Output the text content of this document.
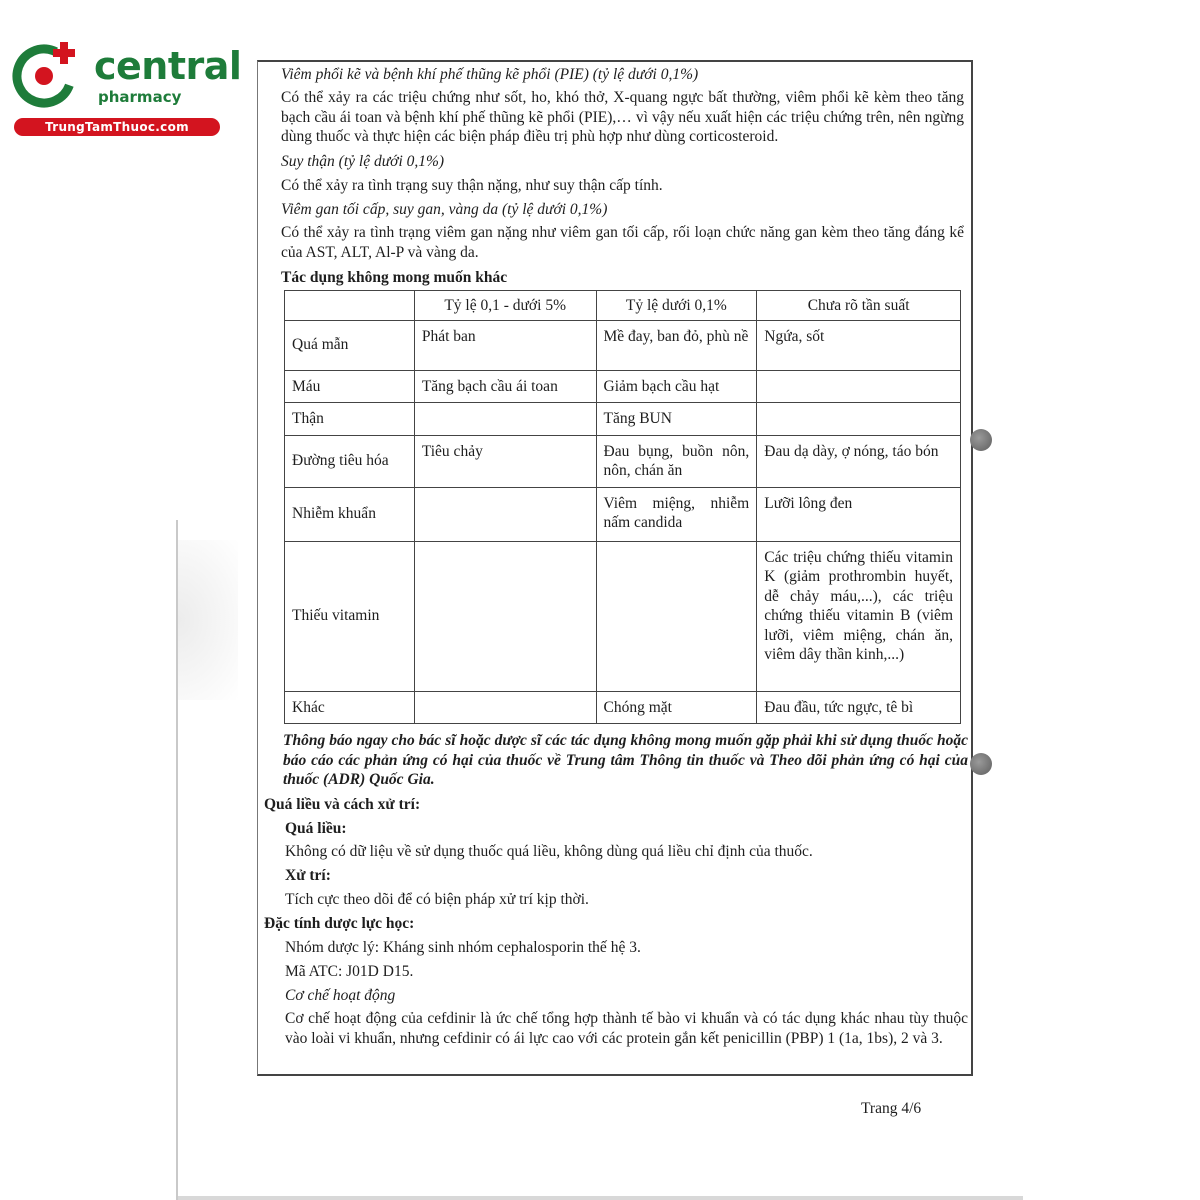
central
pharmacy
TrungTamThuoc.com
Viêm phổi kẽ và bệnh khí phế thũng kẽ phổi (PIE) (tỷ lệ dưới 0,1%)
Có thể xảy ra các triệu chứng như sốt, ho, khó thở, X-quang ngực bất thường, viêm phổi kẽ kèm theo tăng bạch cầu ái toan và bệnh khí phế thũng kẽ phổi (PIE),… vì vậy nếu xuất hiện các triệu chứng trên, nên ngừng dùng thuốc và thực hiện các biện pháp điều trị phù hợp như dùng corticosteroid.
Suy thận (tỷ lệ dưới 0,1%)
Có thể xảy ra tình trạng suy thận nặng, như suy thận cấp tính.
Viêm gan tối cấp, suy gan, vàng da (tỷ lệ dưới 0,1%)
Có thể xảy ra tình trạng viêm gan nặng như viêm gan tối cấp, rối loạn chức năng gan kèm theo tăng đáng kể của AST, ALT, Al-P và vàng da.
Tác dụng không mong muốn khác
	Tỷ lệ 0,1 - dưới 5%	Tỷ lệ dưới 0,1%	Chưa rõ tần suất
Quá mẫn	Phát ban	Mề đay, ban đỏ, phù nề	Ngứa, sốt
Máu	Tăng bạch cầu ái toan	Giảm bạch cầu hạt	
Thận		Tăng BUN	
Đường tiêu hóa	Tiêu chảy	Đau bụng, buồn nôn, nôn, chán ăn	Đau dạ dày, ợ nóng, táo bón
Nhiễm khuẩn		Viêm miệng, nhiễm nấm candida	Lưỡi lông đen
Thiếu vitamin			Các triệu chứng thiếu vitamin K (giảm prothrombin huyết, dễ chảy máu,...), các triệu chứng thiếu vitamin B (viêm lưỡi, viêm miệng, chán ăn, viêm dây thần kinh,...)
Khác		Chóng mặt	Đau đầu, tức ngực, tê bì
Thông báo ngay cho bác sĩ hoặc dược sĩ các tác dụng không mong muốn gặp phải khi sử dụng thuốc hoặc báo cáo các phản ứng có hại của thuốc về Trung tâm Thông tin thuốc và Theo dõi phản ứng có hại của thuốc (ADR) Quốc Gia.
Quá liều và cách xử trí:
Quá liều:
Không có dữ liệu về sử dụng thuốc quá liều, không dùng quá liều chỉ định của thuốc.
Xử trí:
Tích cực theo dõi để có biện pháp xử trí kịp thời.
Đặc tính dược lực học:
Nhóm dược lý: Kháng sinh nhóm cephalosporin thế hệ 3.
Mã ATC: J01D D15.
Cơ chế hoạt động
Cơ chế hoạt động của cefdinir là ức chế tổng hợp thành tế bào vi khuẩn và có tác dụng khác nhau tùy thuộc vào loài vi khuẩn, nhưng cefdinir có ái lực cao với các protein gắn kết penicillin (PBP) 1 (1a, 1bs), 2 và 3.
Trang 4/6
